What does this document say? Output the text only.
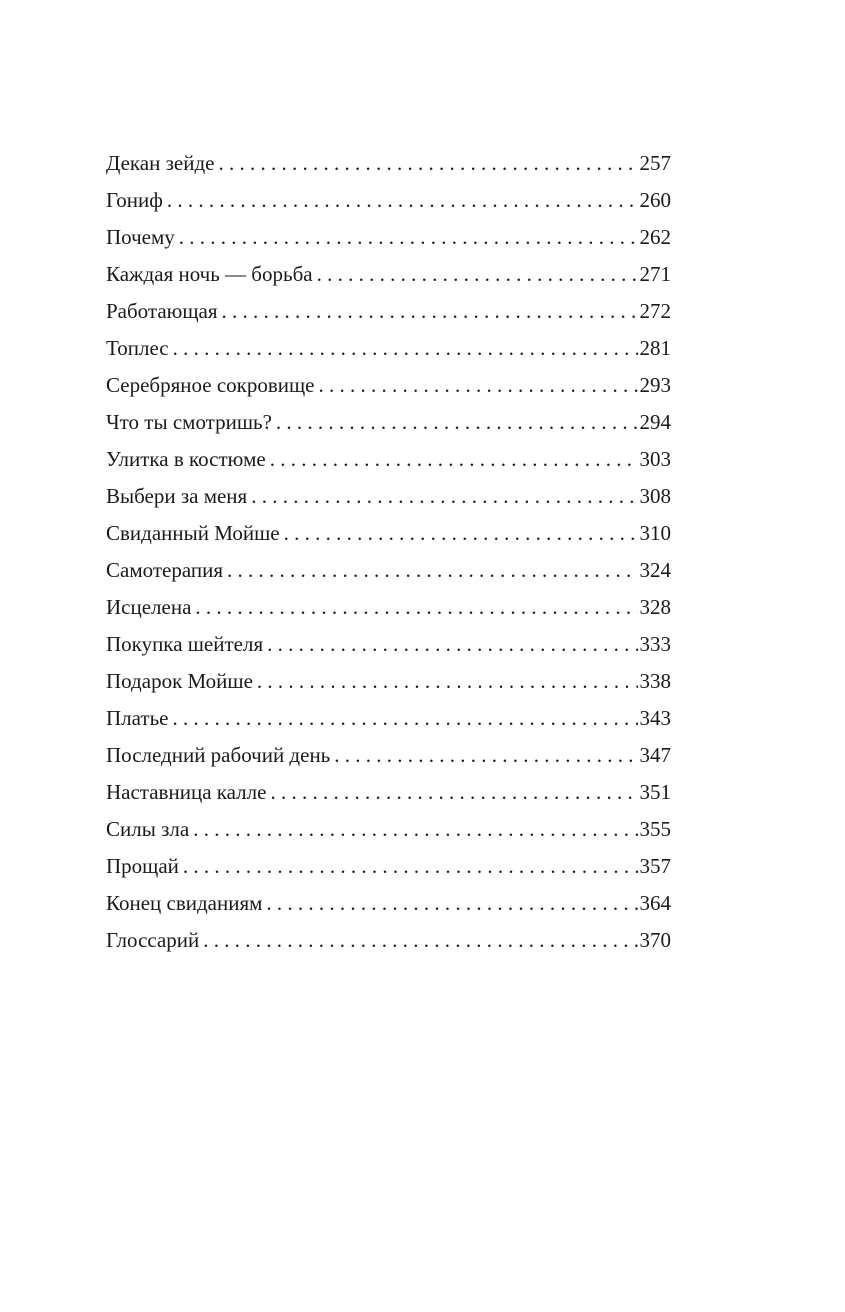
Декан зейде . . .	257
Гониф . . .	260
Почему . . .	262
Каждая ночь — борьба . . .	271
Работающая . . .	272
Топлес . . .	281
Серебряное сокровище . . .	293
Что ты смотришь? . . .	294
Улитка в костюме . . .	303
Выбери за меня . . .	308
Свиданный Мойше . . .	310
Самотерапия . . .	324
Исцелена . . .	328
Покупка шейтеля . . .	333
Подарок Мойше . . .	338
Платье . . .	343
Последний рабочий день . . .	347
Наставница калле . . .	351
Силы зла . . .	355
Прощай . . .	357
Конец свиданиям . . .	364
Глоссарий . . .	370
